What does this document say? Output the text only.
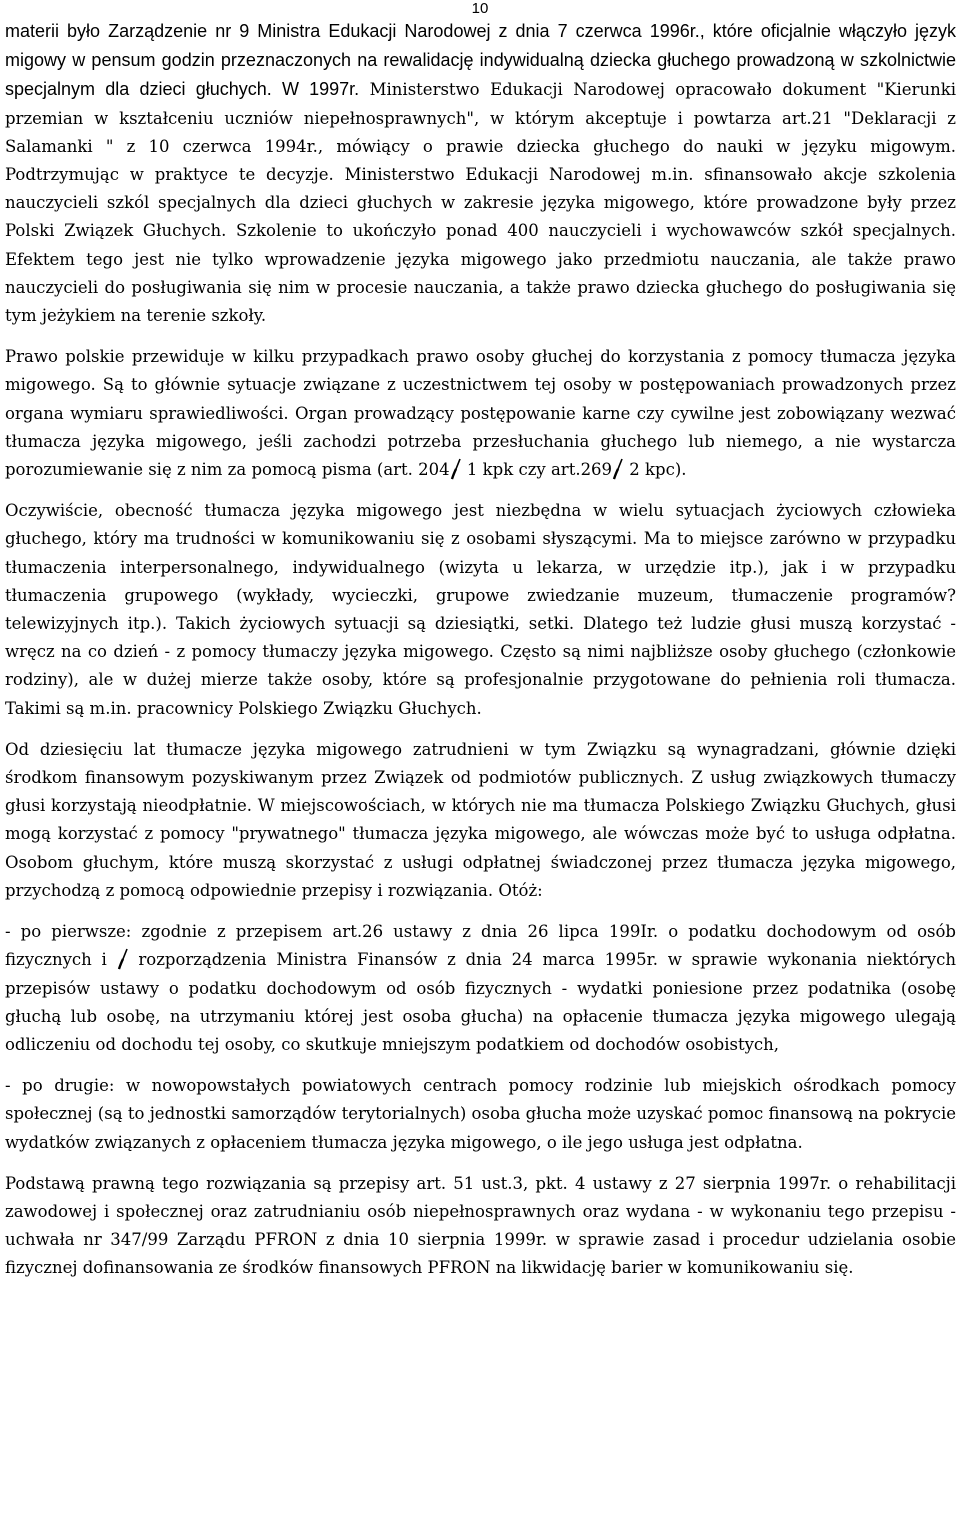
10

materii było Zarządzenie nr 9 Ministra Edukacji Narodowej z dnia 7 czerwca 1996r., które oficjalnie włączyło język migowy w pensum godzin przeznaczonych na rewalidację indywidualną dziecka głuchego prowadzoną w szkolnictwie specjalnym dla dzieci głuchych. W 1997r. Ministerstwo Edukacji Narodowej opracowało dokument "Kierunki przemian w kształceniu uczniów niepełnosprawnych", w którym akceptuje i powtarza art.21 "Deklaracji z Salamanki " z 10 czerwca 1994r., mówiący o prawie dziecka głuchego do nauki w języku migowym. Podtrzymując w praktyce te decyzje. Ministerstwo Edukacji Narodowej m.in. sfinansowało akcje szkolenia nauczycieli szkól specjalnych dla dzieci głuchych w zakresie języka migowego, które prowadzone były przez Polski Związek Głuchych. Szkolenie to ukończyło ponad 400 nauczycieli i wychowawców szkół specjalnych. Efektem tego jest nie tylko wprowadzenie języka migowego jako przedmiotu nauczania, ale także prawo nauczycieli do posługiwania się nim w procesie nauczania, a także prawo dziecka głuchego do posługiwania się tym jeżykiem na terenie szkoły.

Prawo polskie przewiduje w kilku przypadkach prawo osoby głuchej do korzystania z pomocy tłumacza języka migowego. Są to głównie sytuacje związane z uczestnictwem tej osoby w postępowaniach prowadzonych przez organa wymiaru sprawiedliwości. Organ prowadzący postępowanie karne czy cywilne jest zobowiązany wezwać tłumacza języka migowego, jeśli zachodzi potrzeba przesłuchania głuchego lub niemego, a nie wystarcza porozumiewanie się z nim za pomocą pisma (art. 204
1 kpk czy art.269
2 kpc).

Oczywiście, obecność tłumacza języka migowego jest niezbędna w wielu sytuacjach życiowych człowieka głuchego, który ma trudności w komunikowaniu się z osobami słyszącymi. Ma to miejsce zarówno w przypadku tłumaczenia interpersonalnego, indywidualnego (wizyta u lekarza, w urzędzie itp.), jak i w przypadku tłumaczenia grupowego (wykłady, wycieczki, grupowe zwiedzanie muzeum, tłumaczenie programów? telewizyjnych itp.). Takich życiowych sytuacji są dziesiątki, setki. Dlatego też ludzie głusi muszą korzystać - wręcz na co dzień - z pomocy tłumaczy języka migowego. Często są nimi najbliższe osoby głuchego (członkowie rodziny), ale w dużej mierze także osoby, które są profesjonalnie przygotowane do pełnienia roli tłumacza. Takimi są m.in. pracownicy Polskiego Związku Głuchych.

Od dziesięciu lat tłumacze języka migowego zatrudnieni w tym Związku są wynagradzani, głównie dzięki środkom finansowym pozyskiwanym przez Związek od podmiotów publicznych. Z usług związkowych tłumaczy głusi korzystają nieodpłatnie. W miejscowościach, w których nie ma tłumacza Polskiego Związku Głuchych, głusi mogą korzystać z pomocy "prywatnego" tłumacza języka migowego, ale wówczas może być to usługa odpłatna. Osobom głuchym, które muszą skorzystać z usługi odpłatnej świadczonej przez tłumacza języka migowego, przychodzą z pomocą odpowiednie przepisy i rozwiązania. Otóż:

- po pierwsze: zgodnie z przepisem art.26 ustawy z dnia 26 lipca 199Ir. o podatku dochodowym od osób fizycznych i
rozporządzenia Ministra Finansów z dnia 24 marca 1995r. w sprawie wykonania niektórych przepisów ustawy o podatku dochodowym od osób fizycznych - wydatki poniesione przez podatnika (osobę głuchą lub osobę, na utrzymaniu której jest osoba głucha) na opłacenie tłumacza języka migowego ulegają odliczeniu od dochodu tej osoby, co skutkuje mniejszym podatkiem od dochodów osobistych,

- po drugie: w nowopowstałych powiatowych centrach pomocy rodzinie lub miejskich ośrodkach pomocy społecznej (są to jednostki samorządów terytorialnych) osoba głucha może uzyskać pomoc finansową na pokrycie wydatków związanych z opłaceniem tłumacza języka migowego, o ile jego usługa jest odpłatna.

Podstawą prawną tego rozwiązania są przepisy art. 51 ust.3, pkt. 4 ustawy z 27 sierpnia 1997r. o rehabilitacji zawodowej i społecznej oraz zatrudnianiu osób niepełnosprawnych oraz wydana - w wykonaniu tego przepisu - uchwała nr 347/99 Zarządu PFRON z dnia 10 sierpnia 1999r. w sprawie zasad i procedur udzielania osobie fizycznej dofinansowania ze środków finansowych PFRON na likwidację barier w komunikowaniu się.
